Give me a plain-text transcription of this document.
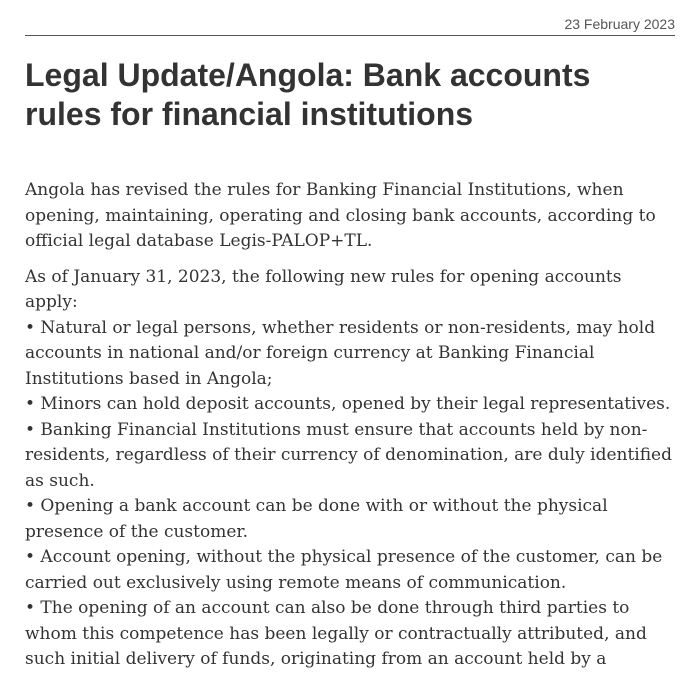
23 February 2023
Legal Update/Angola: Bank accounts rules for financial institutions

Angola has revised the rules for Banking Financial Institutions, when opening, maintaining, operating and closing bank accounts, according to official legal database Legis-PALOP+TL.

As of January 31, 2023, the following new rules for opening accounts apply:
• Natural or legal persons, whether residents or non-residents, may hold accounts in national and/or foreign currency at Banking Financial Institutions based in Angola;
• Minors can hold deposit accounts, opened by their legal representatives.
• Banking Financial Institutions must ensure that accounts held by non-residents, regardless of their currency of denomination, are duly identified as such.
• Opening a bank account can be done with or without the physical presence of the customer.
• Account opening, without the physical presence of the customer, can be carried out exclusively using remote means of communication.
• The opening of an account can also be done through third parties to whom this competence has been legally or contractually attributed, and such initial delivery of funds, originating from an account held by a
